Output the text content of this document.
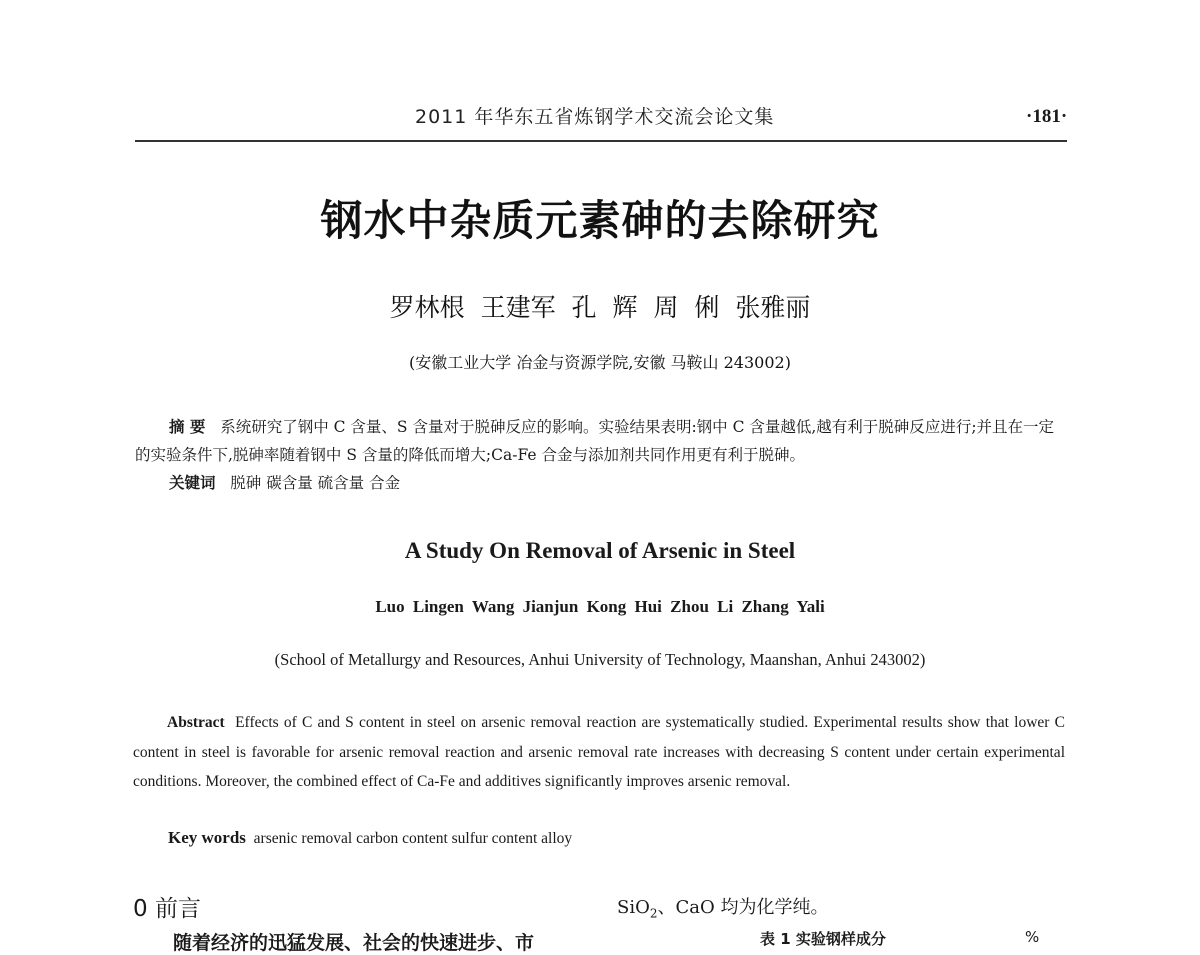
2011 年华东五省炼钢学术交流会论文集	·181·
钢水中杂质元素砷的去除研究
罗林根 王建军 孔 辉 周 俐 张雅丽
(安徽工业大学 冶金与资源学院,安徽 马鞍山 243002)

摘 要 系统研究了钢中 C 含量、S 含量对于脱砷反应的影响。实验结果表明:钢中 C 含量越低,越有利于脱砷反应进行;并且在一定的实验条件下,脱砷率随着钢中 S 含量的降低而增大;Ca-Fe 合金与添加剂共同作用更有利于脱砷。

关键词 脱砷 碳含量 硫含量 合金

A Study On Removal of Arsenic in Steel
Luo Lingen Wang Jianjun Kong Hui Zhou Li Zhang Yali
(School of Metallurgy and Resources, Anhui University of Technology, Maanshan, Anhui 243002)

Abstract Effects of C and S content in steel on arsenic removal reaction are systematically studied. Experimental results show that lower C content in steel is favorable for arsenic removal reaction and arsenic removal rate increases with decreasing S content under certain experimental conditions. Moreover, the combined effect of Ca-Fe and additives significantly improves arsenic removal.

Key words arsenic removal carbon content sulfur content alloy
0 前言
随着经济的迅猛发展、社会的快速进步、市
SiO$_2$、CaO 均为化学纯。
表 1 实验钢样成分	%
